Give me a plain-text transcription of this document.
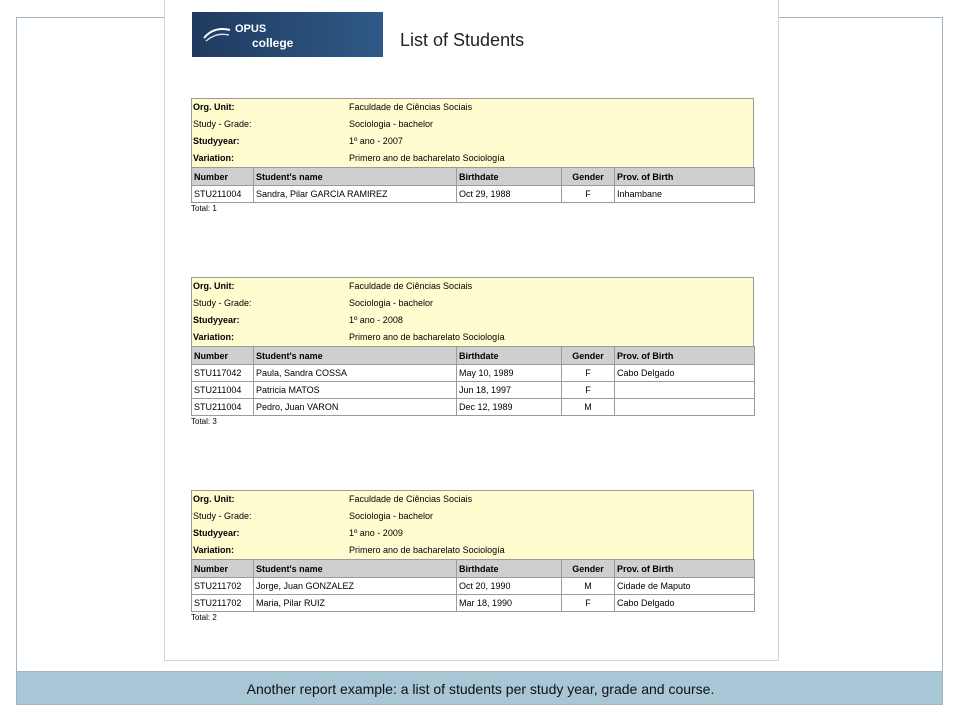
OPUS
college	List of Students
Org. Unit:	Faculdade de Ciências Sociais
Study - Grade:	Sociologia - bachelor
Studyyear:	1º ano - 2007
Variation:	Primero ano de bacharelato Sociología
Number	Student's name	Birthdate	Gender	Prov. of Birth
STU211004	Sandra, Pilar GARCIA RAMIREZ	Oct 29, 1988	F	Inhambane
Total: 1
Org. Unit:	Faculdade de Ciências Sociais
Study - Grade:	Sociologia - bachelor
Studyyear:	1º ano - 2008
Variation:	Primero ano de bacharelato Sociología
Number	Student's name	Birthdate	Gender	Prov. of Birth
STU117042	Paula, Sandra COSSA	May 10, 1989	F	Cabo Delgado
STU211004	Patricia MATOS	Jun 18, 1997	F	
STU211004	Pedro, Juan VARON	Dec 12, 1989	M	
Total: 3
Org. Unit:	Faculdade de Ciências Sociais
Study - Grade:	Sociologia - bachelor
Studyyear:	1º ano - 2009
Variation:	Primero ano de bacharelato Sociología
Number	Student's name	Birthdate	Gender	Prov. of Birth
STU211702	Jorge, Juan GONZALEZ	Oct 20, 1990	M	Cidade de Maputo
STU211702	Maria, Pilar RUIZ	Mar 18, 1990	F	Cabo Delgado
Total: 2
Another report example: a list of students per study year, grade and course.
